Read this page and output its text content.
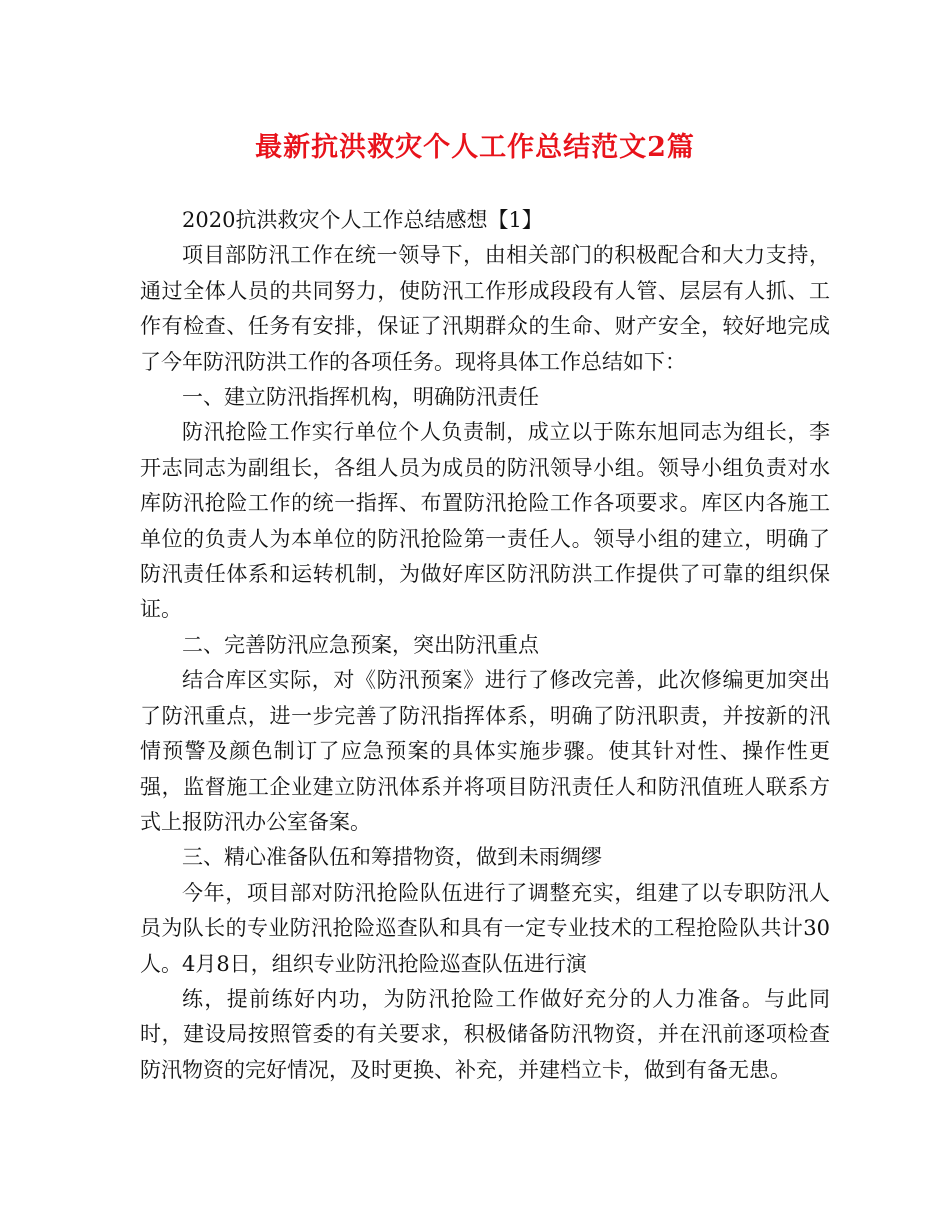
最新抗洪救灾个人工作总结范文2篇

2020抗洪救灾个人工作总结感想【1】

项目部防汛工作在统一领导下，由相关部门的积极配合和大力支持，通过全体人员的共同努力，使防汛工作形成段段有人管、层层有人抓、工作有检查、任务有安排，保证了汛期群众的生命、财产安全，较好地完成了今年防汛防洪工作的各项任务。现将具体工作总结如下：

一、建立防汛指挥机构，明确防汛责任

防汛抢险工作实行单位个人负责制，成立以于陈东旭同志为组长，李开志同志为副组长，各组人员为成员的防汛领导小组。领导小组负责对水库防汛抢险工作的统一指挥、布置防汛抢险工作各项要求。库区内各施工单位的负责人为本单位的防汛抢险第一责任人。领导小组的建立，明确了防汛责任体系和运转机制，为做好库区防汛防洪工作提供了可靠的组织保证。

二、完善防汛应急预案，突出防汛重点

结合库区实际，对《防汛预案》进行了修改完善，此次修编更加突出了防汛重点，进一步完善了防汛指挥体系，明确了防汛职责，并按新的汛情预警及颜色制订了应急预案的具体实施步骤。使其针对性、操作性更强，监督施工企业建立防汛体系并将项目防汛责任人和防汛值班人联系方式上报防汛办公室备案。

三、精心准备队伍和筹措物资，做到未雨绸缪

今年，项目部对防汛抢险队伍进行了调整充实，组建了以专职防汛人员为队长的专业防汛抢险巡查队和具有一定专业技术的工程抢险队共计30人。4月8日，组织专业防汛抢险巡查队伍进行演

练，提前练好内功，为防汛抢险工作做好充分的人力准备。与此同时，建设局按照管委的有关要求，积极储备防汛物资，并在汛前逐项检查防汛物资的完好情况，及时更换、补充，并建档立卡，做到有备无患。
